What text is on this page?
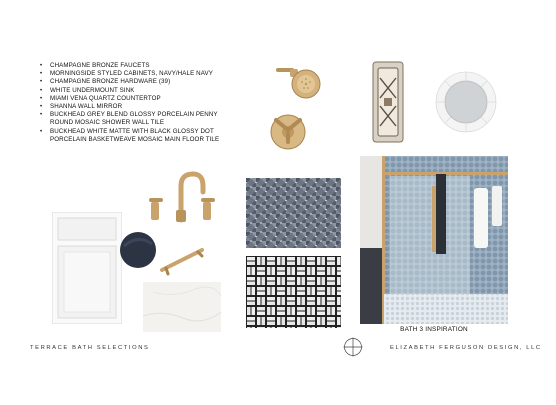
• CHAMPAGNE BRONZE FAUCETS
• MORNINGSIDE STYLED CABINETS, NAVY/HALE NAVY
• CHAMPAGNE BRONZE HARDWARE (39)
• WHITE UNDERMOUNT SINK
• MIAMI VENA QUARTZ COUNTERTOP
• SHANNA WALL MIRROR
• BUCKHEAD GREY BLEND GLOSSY PORCELAIN PENNY ROUND MOSAIC SHOWER WALL TILE
• BUCKHEAD WHITE MATTE WITH BLACK GLOSSY DOT PORCELAIN BASKETWEAVE MOSAIC MAIN FLOOR TILE
BATH 3 INSPIRATION
TERRACE BATH SELECTIONS	ELIZABETH FERGUSON DESIGN, LLC
